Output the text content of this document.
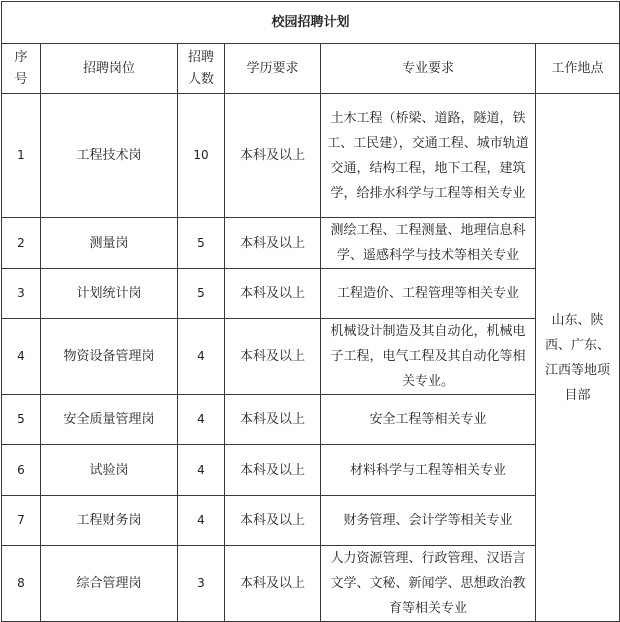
校园招聘计划					
序号	招聘岗位	招聘人数	学历要求	专业要求	工作地点
1	工程技术岗	10	本科及以上	土木工程（桥梁、道路，隧道，铁工、工民建），交通工程、城市轨道交通，结构工程，地下工程，建筑学，给排水科学与工程等相关专业	山东、陕西、广东、江西等地项目部
2	测量岗	5	本科及以上	测绘工程、工程测量、地理信息科学、遥感科学与技术等相关专业	
3	计划统计岗	5	本科及以上	工程造价、工程管理等相关专业	
4	物资设备管理岗	4	本科及以上	机械设计制造及其自动化，机械电子工程，电气工程及其自动化等相关专业。	
5	安全质量管理岗	4	本科及以上	安全工程等相关专业	
6	试验岗	4	本科及以上	材料科学与工程等相关专业	
7	工程财务岗	4	本科及以上	财务管理、会计学等相关专业	
8	综合管理岗	3	本科及以上	人力资源管理、行政管理、汉语言文学、文秘、新闻学、思想政治教育等相关专业	
